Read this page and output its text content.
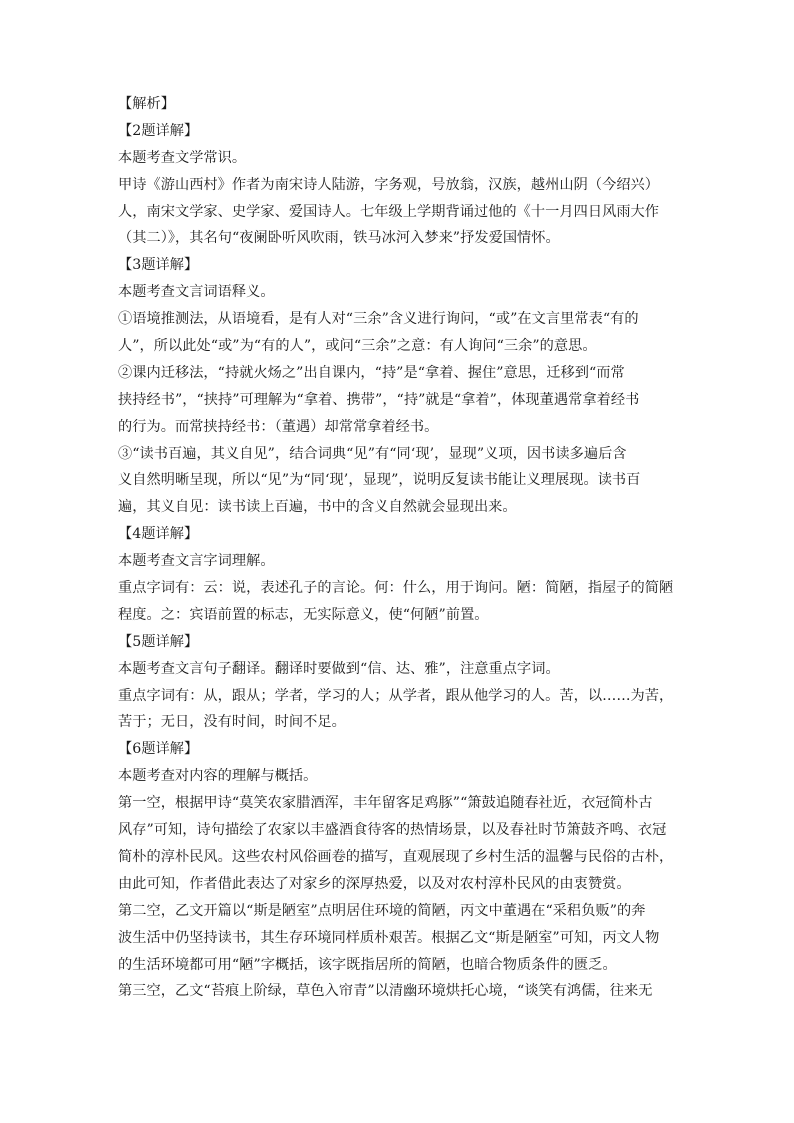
【解析】
【2题详解】
本题考查文学常识。
甲诗《游山西村》作者为南宋诗人陆游，字务观，号放翁，汉族，越州山阴（今绍兴）
人，南宋文学家、史学家、爱国诗人。七年级上学期背诵过他的《十一月四日风雨大作
（其二）》，其名句“夜阑卧听风吹雨，铁马冰河入梦来”抒发爱国情怀。
【3题详解】
本题考查文言词语释义。
①语境推测法，从语境看，是有人对“三余”含义进行询问，“或”在文言里常表“有的
人”，所以此处“或”为“有的人”，或问“三余”之意：有人询问“三余”的意思。
②课内迁移法，“持就火炀之”出自课内，“持”是“拿着、握住”意思，迁移到“而常
挟持经书”，“挟持”可理解为“拿着、携带”，“持”就是“拿着”，体现董遇常拿着经书
的行为。而常挟持经书：（董遇）却常常拿着经书。
③“读书百遍，其义自见”，结合词典“见”有“同‘现’，显现”义项，因书读多遍后含
义自然明晰呈现，所以“见”为“同‘现’，显现”，说明反复读书能让义理展现。读书百
遍，其义自见：读书读上百遍，书中的含义自然就会显现出来。
【4题详解】
本题考查文言字词理解。
重点字词有：云：说，表述孔子的言论。何：什么，用于询问。陋：简陋，指屋子的简陋
程度。之：宾语前置的标志，无实际意义，使“何陋”前置。
【5题详解】
本题考查文言句子翻译。翻译时要做到“信、达、雅”，注意重点字词。
重点字词有：从，跟从；学者，学习的人；从学者，跟从他学习的人。苦，以……为苦，
苦于；无日，没有时间，时间不足。
【6题详解】
本题考查对内容的理解与概括。
第一空，根据甲诗“莫笑农家腊酒浑，丰年留客足鸡豚”“箫鼓追随春社近，衣冠简朴古
风存”可知，诗句描绘了农家以丰盛酒食待客的热情场景，以及春社时节箫鼓齐鸣、衣冠
简朴的淳朴民风。这些农村风俗画卷的描写，直观展现了乡村生活的温馨与民俗的古朴，
由此可知，作者借此表达了对家乡的深厚热爱，以及对农村淳朴民风的由衷赞赏。
第二空，乙文开篇以“斯是陋室”点明居住环境的简陋，丙文中董遇在“采稆负贩”的奔
波生活中仍坚持读书，其生存环境同样质朴艰苦。根据乙文“斯是陋室”可知，丙文人物
的生活环境都可用“陋”字概括，该字既指居所的简陋，也暗合物质条件的匮乏。
第三空，乙文“苔痕上阶绿，草色入帘青”以清幽环境烘托心境，“谈笑有鸿儒，往来无
